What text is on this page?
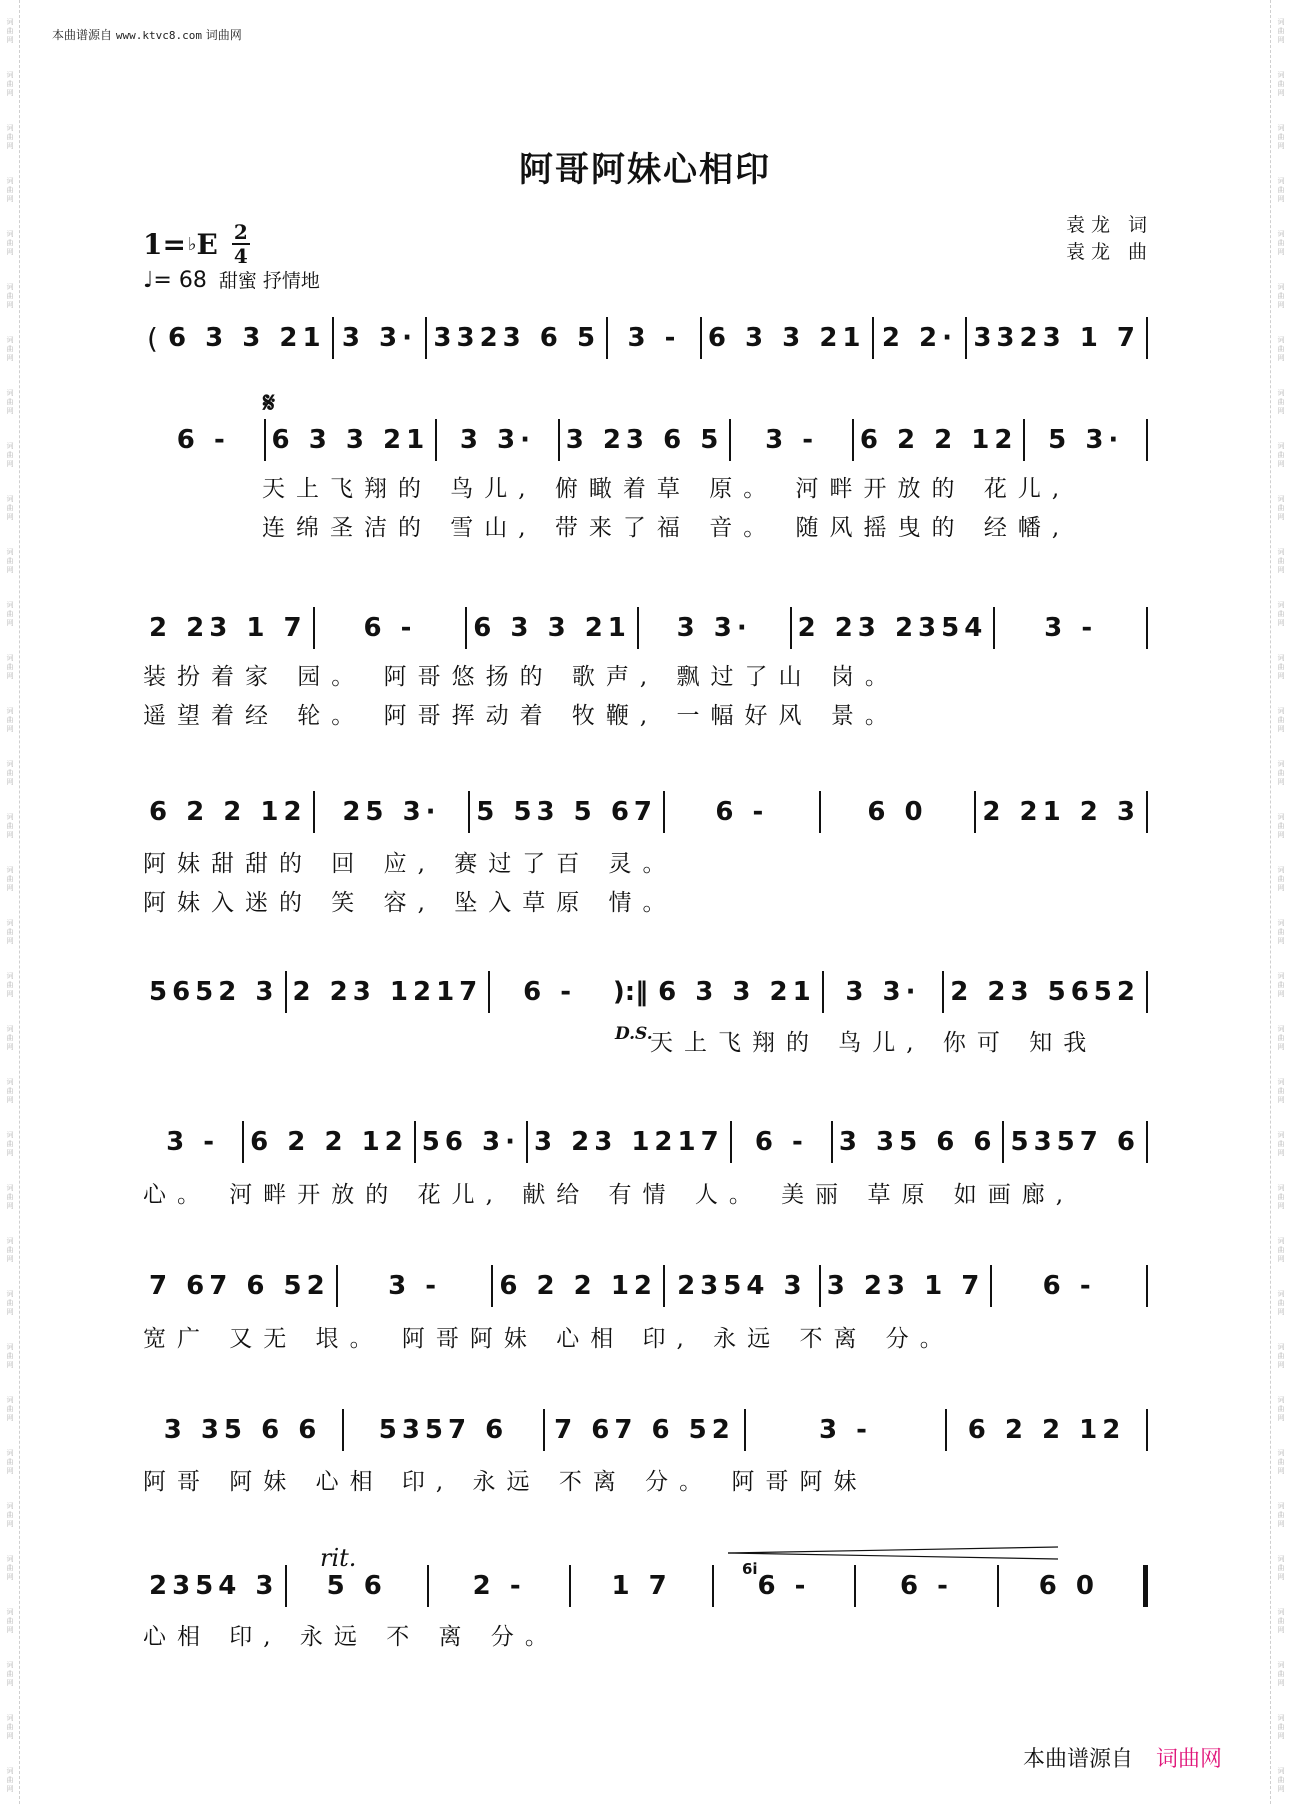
词
曲
网
词
曲
网
词
曲
网
词
曲
网
词
曲
网
词
曲
网
词
曲
网
词
曲
网
词
曲
网
词
曲
网
词
曲
网
词
曲
网
词
曲
网
词
曲
网
词
曲
网
词
曲
网
词
曲
网
词
曲
网
词
曲
网
词
曲
网
词
曲
网
词
曲
网
词
曲
网
词
曲
网
词
曲
网
词
曲
网
词
曲
网
词
曲
网
词
曲
网
词
曲
网
词
曲
网
词
曲
网
词
曲
网
词
曲
网
词
曲
网
词
曲
网
词
曲
网
词
曲
网
词
曲
网
词
曲
网
词
曲
网
词
曲
网
词
曲
网
词
曲
网
词
曲
网
词
曲
网
词
曲
网
词
曲
网
词
曲
网
词
曲
网
词
曲
网
词
曲
网
词
曲
网
词
曲
网
词
曲
网
词
曲
网
词
曲
网
词
曲
网
词
曲
网
词
曲
网
词
曲
网
词
曲
网
词
曲
网
词
曲
网
词
曲
网
词
曲
网
词
曲
网
词
曲
网
本曲谱源自 www.ktvc8.com 词曲网
阿哥阿妹心相印
1= ♭ E 2
4
♩ = 68 甜蜜 抒情地
袁龙 词
袁龙 曲
𝄋
D.S.
rit.	6i̇
( 6 3 3 21 3 3· 3323 6 5	3 -	6 3 3 21 2 2· 3323 1 7
6 -	6 3 3 21	3 3·	3 23 6 5	3 -	6 2 2 12	5 3·
天上飞翔的 鸟儿, 俯瞰着草 原。 河畔开放的 花儿,
连绵圣洁的 雪山, 带来了福 音。 随风摇曳的 经幡,
2 23 1 7	6 -	6 3 3 21	3 3·	2 23 2354	3 -
装扮着家 园。 阿哥悠扬的 歌声, 飘过了山 岗。
遥望着经 轮。 阿哥挥动着 牧鞭, 一幅好风 景。
6 2 2 12	25 3·	5 53 5 67	6 -	6 0	2 21 2 3
阿妹甜甜的 回 应, 赛过了百 灵。
阿妹入迷的 笑 容, 坠入草原 情。
5652 3 2 23 1217	6 -	):‖ 6 3 3 21	3 3·	2 23 5652
天上飞翔的 鸟儿, 你可 知我
3 -	6 2 2 12 56 3· 3 23 1217	6 -	3 35 6 6 5357 6
心。 河畔开放的 花儿, 献给 有情 人。 美丽 草原 如画廊,
7 67 6 52	3 -	6 2 2 12 2354 3 3 23 1 7	6 -
宽广 又无 垠。 阿哥阿妹 心相 印, 永远 不离 分。
3 35 6 6	5357 6	7 67 6 52	3 -	6 2 2 12
阿哥 阿妹 心相 印, 永远 不离 分。 阿哥阿妹
2354 3	5 6	2 -	1 7	6 -	6 -	6 0
心相 印, 永远 不 离 分。
本曲谱源自 词曲网
